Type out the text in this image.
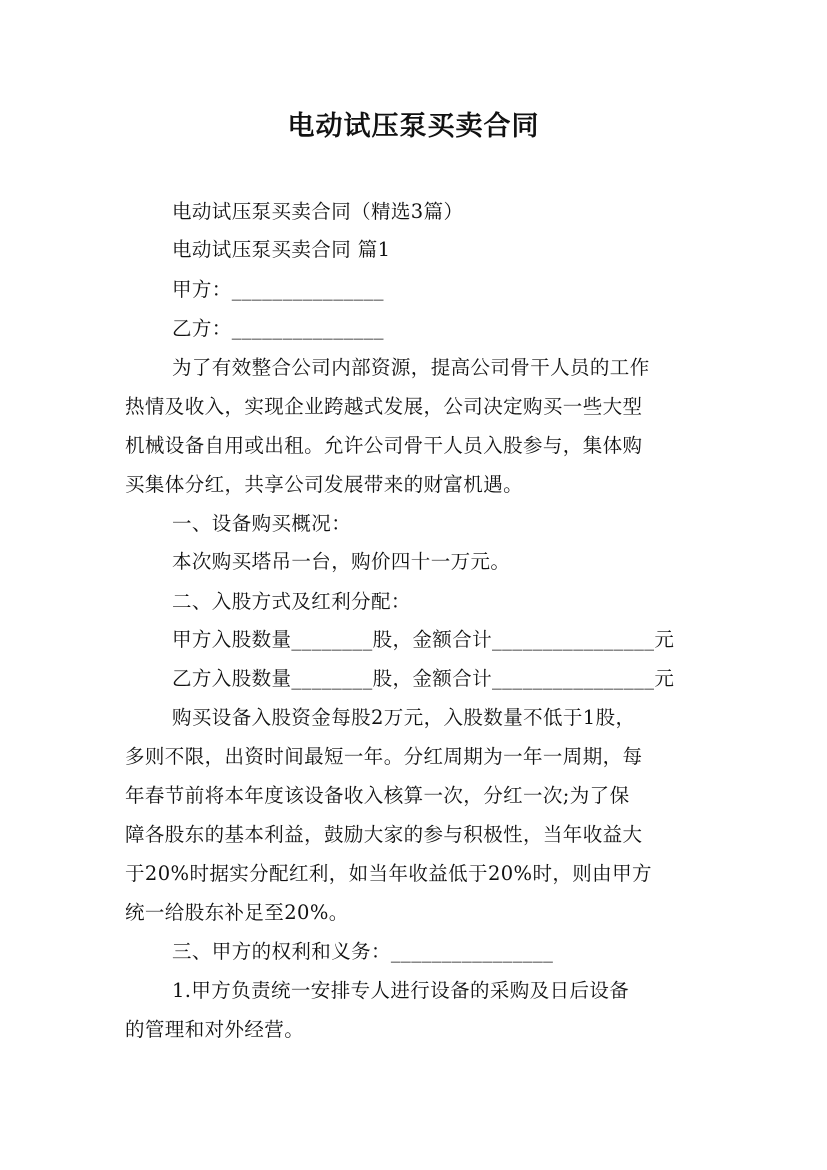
电动试压泵买卖合同
电动试压泵买卖合同（精选3篇）
电动试压泵买卖合同 篇1
甲方：_______________
乙方：_______________
为了有效整合公司内部资源，提高公司骨干人员的工作
热情及收入，实现企业跨越式发展，公司决定购买一些大型
机械设备自用或出租。允许公司骨干人员入股参与，集体购
买集体分红，共享公司发展带来的财富机遇。
一、设备购买概况：
本次购买塔吊一台，购价四十一万元。
二、入股方式及红利分配：
甲方入股数量________股，金额合计________________元
乙方入股数量________股，金额合计________________元
购买设备入股资金每股2万元，入股数量不低于1股，
多则不限，出资时间最短一年。分红周期为一年一周期，每
年春节前将本年度该设备收入核算一次，分红一次;为了保
障各股东的基本利益，鼓励大家的参与积极性，当年收益大
于20%时据实分配红利，如当年收益低于20%时，则由甲方
统一给股东补足至20%。
三、甲方的权利和义务：________________
1.甲方负责统一安排专人进行设备的采购及日后设备
的管理和对外经营。
